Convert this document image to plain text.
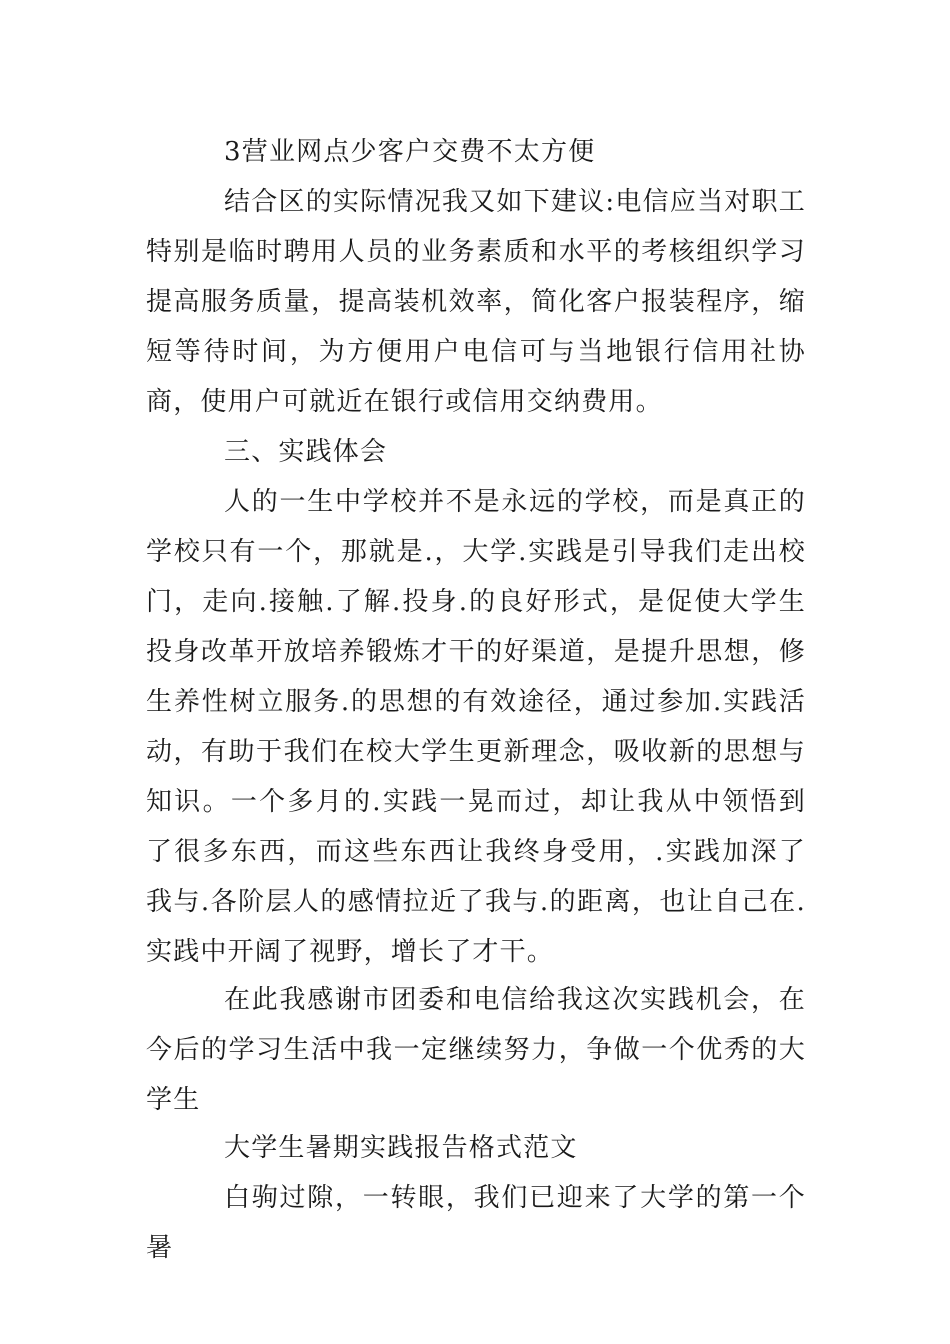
3营业网点少客户交费不太方便

结合区的实际情况我又如下建议:电信应当对职工特别是临时聘用人员的业务素质和水平的考核组织学习提高服务质量，提高装机效率，简化客户报装程序，缩短等待时间，为方便用户电信可与当地银行信用社协商，使用户可就近在银行或信用交纳费用。

三、实践体会

人的一生中学校并不是永远的学校，而是真正的学校只有一个，那就是.，大学.实践是引导我们走出校门，走向.接触.了解.投身.的良好形式，是促使大学生投身改革开放培养锻炼才干的好渠道，是提升思想，修生养性树立服务.的思想的有效途径，通过参加.实践活动，有助于我们在校大学生更新理念，吸收新的思想与知识。一个多月的.实践一晃而过，却让我从中领悟到了很多东西，而这些东西让我终身受用，.实践加深了我与.各阶层人的感情拉近了我与.的距离，也让自己在.实践中开阔了视野，增长了才干。

在此我感谢市团委和电信给我这次实践机会，在今后的学习生活中我一定继续努力，争做一个优秀的大学生

大学生暑期实践报告格式范文

白驹过隙，一转眼，我们已迎来了大学的第一个暑
